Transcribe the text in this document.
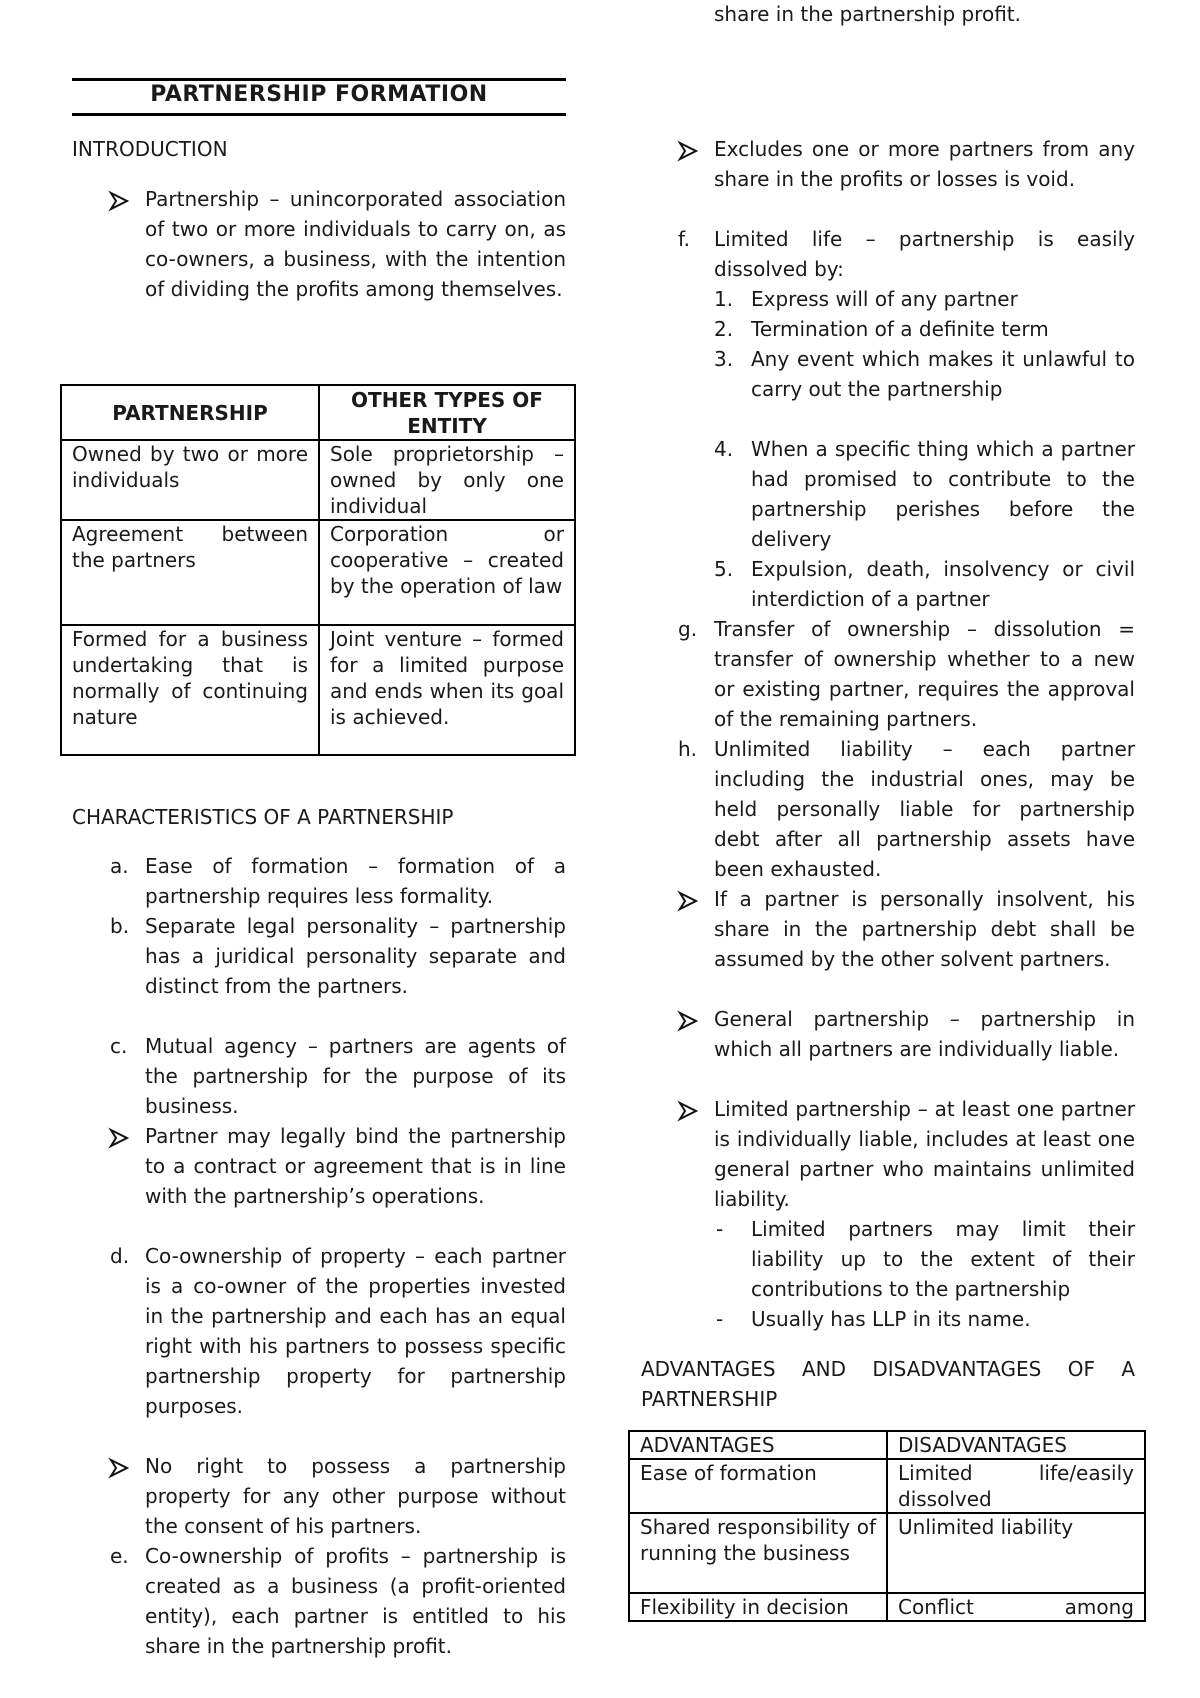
PARTNERSHIP FORMATION
INTRODUCTION
Partnership – unincorporated association of two or more individuals to carry on, as co-owners, a business, with the intention of dividing the profits among themselves.
PARTNERSHIP	OTHER TYPES OF ENTITY
Owned by two or more individuals	Sole proprietorship – owned by only one individual
Agreement between the partners	Corporation or cooperative – created by the operation of law
Formed for a business undertaking that is normally of continuing nature	Joint venture – formed for a limited purpose and ends when its goal is achieved.
CHARACTERISTICS OF A PARTNERSHIP
a. Ease of formation – formation of a partnership requires less formality.
b. Separate legal personality – partnership has a juridical personality separate and distinct from the partners.
c. Mutual agency – partners are agents of the partnership for the purpose of its business.
Partner may legally bind the partnership to a contract or agreement that is in line with the partnership’s operations.
d. Co-ownership of property – each partner is a co-owner of the properties invested in the partnership and each has an equal right with his partners to possess specific partnership property for partnership purposes.
No right to possess a partnership property for any other purpose without the consent of his partners.
e. Co-ownership of profits – partnership is created as a business (a profit-oriented entity), each partner is entitled to his share in the partnership profit.
share in the partnership profit.
Excludes one or more partners from any share in the profits or losses is void.
f. Limited life – partnership is easily dissolved by:
1. Express will of any partner
2. Termination of a definite term
3. Any event which makes it unlawful to carry out the partnership
4. When a specific thing which a partner had promised to contribute to the partnership perishes before the delivery
5. Expulsion, death, insolvency or civil interdiction of a partner
g. Transfer of ownership – dissolution = transfer of ownership whether to a new or existing partner, requires the approval of the remaining partners.
h. Unlimited liability – each partner including the industrial ones, may be held personally liable for partnership debt after all partnership assets have been exhausted.
If a partner is personally insolvent, his share in the partnership debt shall be assumed by the other solvent partners.
General partnership – partnership in which all partners are individually liable.
Limited partnership – at least one partner is individually liable, includes at least one general partner who maintains unlimited liability.
- Limited partners may limit their liability up to the extent of their contributions to the partnership
- Usually has LLP in its name.
ADVANTAGES AND DISADVANTAGES OF A PARTNERSHIP
ADVANTAGES	DISADVANTAGES
Ease of formation	Limited life/easily dissolved
Shared responsibility of running the business	Unlimited liability
Flexibility in decision	Conflict among
